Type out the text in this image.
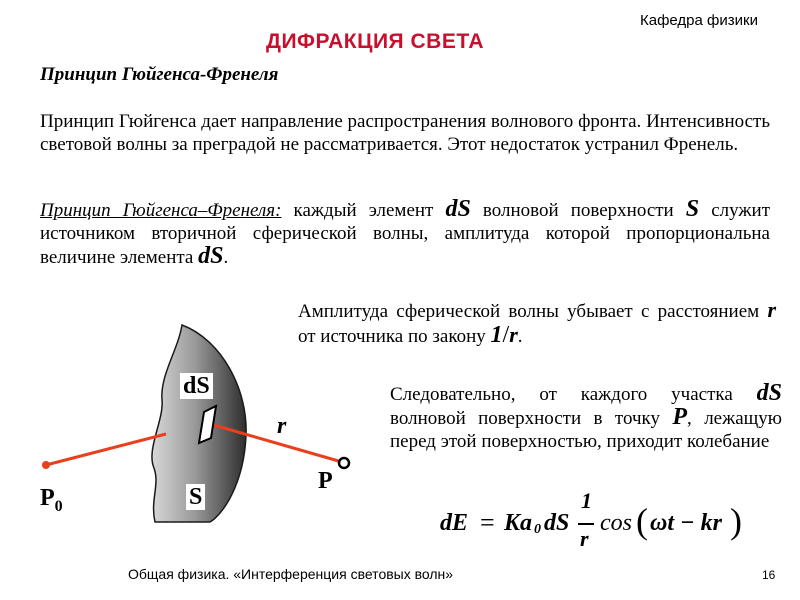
Кафедра физики
ДИФРАКЦИЯ СВЕТА
Принцип Гюйгенса-Френеля
Принцип Гюйгенса дает направление распространения волнового фронта. Интенсивность световой волны за преградой не рассматривается. Этот недостаток устранил Френель.
Принцип Гюйгенса–Френеля: каждый элемент dS волновой поверхности S служит источником вторичной сферической волны, амплитуда которой пропорциональна величине элемента dS.
Амплитуда сферической волны убывает с расстоянием r от источника по закону 1/r.
Следовательно, от каждого участка dS волновой поверхности в точку P, лежащую перед этой поверхностью, приходит колебание
dS
S
r
P
$P_0$
dE = Ka 0 dS
1
r
cos ( ωt − kr )
Общая физика. «Интерференция световых волн»	16
